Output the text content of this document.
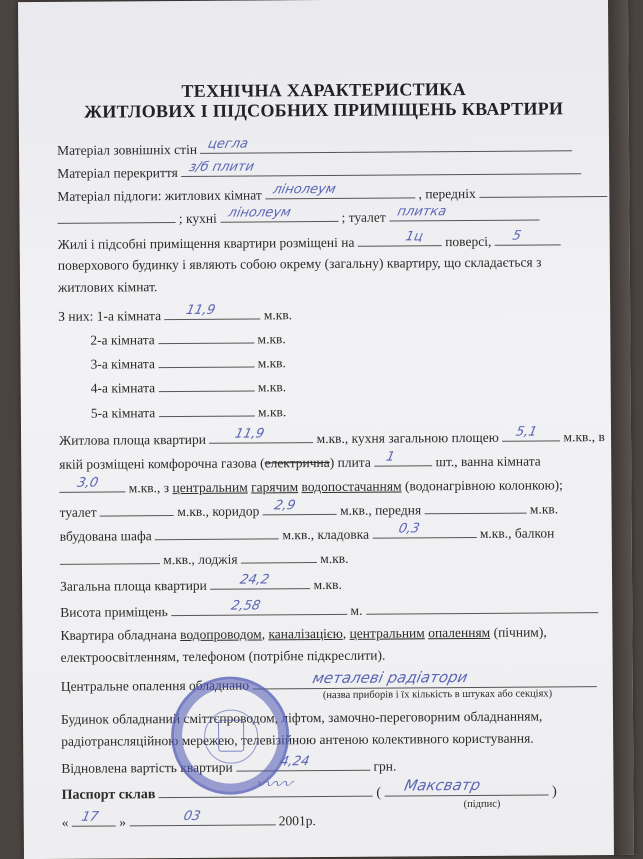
ТЕХНІЧНА ХАРАКТЕРИСТИКА
ЖИТЛОВИХ І ПІДСОБНИХ ПРИМІЩЕНЬ КВАРТИРИ
Матеріал зовнішніх стін цегла
Матеріал перекриття з/б плити
Матеріал підлоги: житлових кімнат лінолеум	, передніх
; кухні лінолеум	; туалет плитка
Жилі і підсобні приміщення квартири розміщені на	1ц поверсі, 5
поверхового будинку і являють собою окрему (загальну) квартиру, що складається з
житлових кімнат.
З них: 1-а кімната 11,9	м.кв.
2-а кімната	м.кв.
3-а кімната	м.кв.
4-а кімната	м.кв.
5-а кімната	м.кв.
Житлова площа квартири 11,9	м.кв., кухня загальною площею 5,1 м.кв., в
якій розміщені комфорочна газова (електрична) плита 1	шт., ванна кімната
3,0 м.кв., з центральним гарячим водопостачанням (водонагрівною колонкою);
туалет	м.кв., коридор 2,9	м.кв., передня	м.кв.
вбудована шафа	м.кв., кладовка 0,3	м.кв., балкон
м.кв., лоджія	м.кв.
Загальна площа квартири 24,2	м.кв.
Висота приміщень	2,58	м.
Квартира обладнана водопроводом, каналізацією, центральним опаленням (пічним),
електроосвітленням, телефоном (потрібне підкреслити).
Центральне опалення обладнано	металеві радіатори
(назва приборів і їх кількість в штуках або секціях)
Будинок обладнаний сміттєпроводом, ліфтом, замочно-переговорним обладнанням,
радіотрансляційною мережею, телевізійною антеною колективного користування.
Відновлена вартість квартири	4,24	грн.
Паспорт склав	( Максватр	)
(підпис)
« 17 »	03	2001р.
〰〰
